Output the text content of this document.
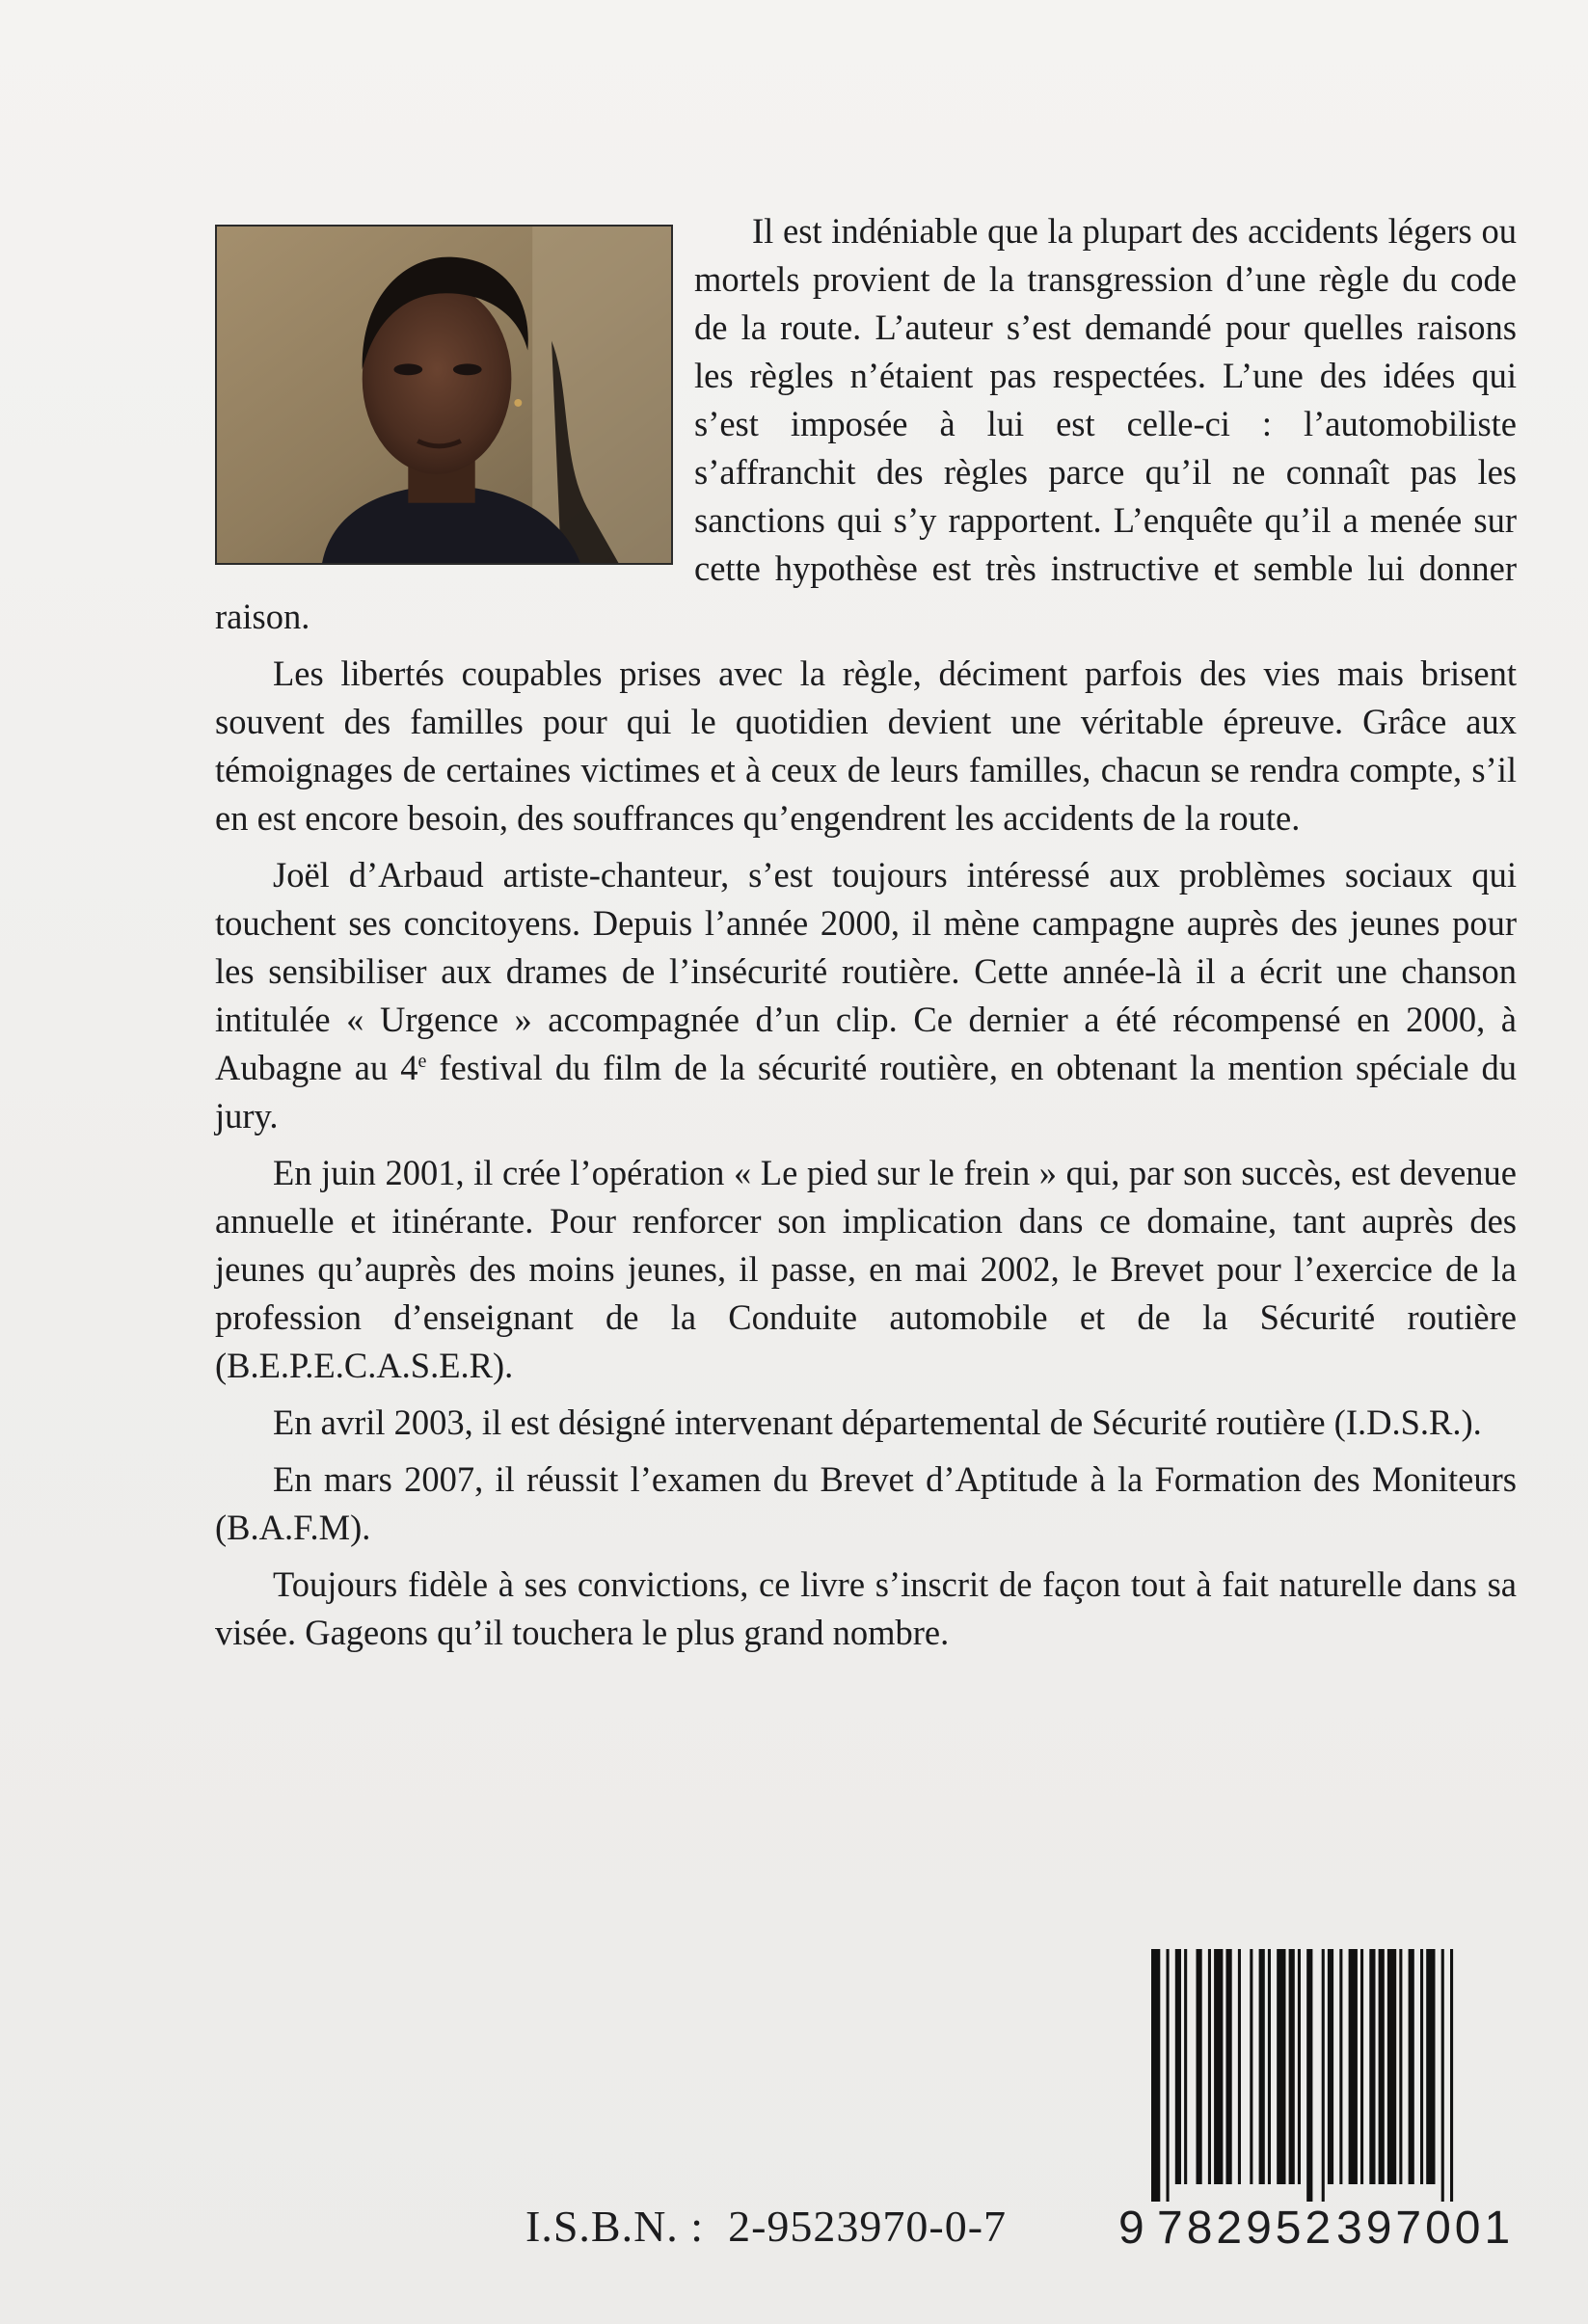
Il est indéniable que la plupart des accidents légers ou mortels provient de la transgression d’une règle du code de la route. L’auteur s’est demandé pour quelles raisons les règles n’étaient pas respectées. L’une des idées qui s’est imposée à lui est celle-ci : l’automobiliste s’affranchit des règles parce qu’il ne connaît pas les sanctions qui s’y rapportent. L’enquête qu’il a menée sur cette hypothèse est très instructive et semble lui donner raison.

Les libertés coupables prises avec la règle, déciment parfois des vies mais brisent souvent des familles pour qui le quotidien devient une véritable épreuve. Grâce aux témoignages de certaines victimes et à ceux de leurs familles, chacun se rendra compte, s’il en est encore besoin, des souffrances qu’engendrent les accidents de la route.

Joël d’Arbaud artiste-chanteur, s’est toujours intéressé aux problèmes sociaux qui touchent ses concitoyens. Depuis l’année 2000, il mène campagne auprès des jeunes pour les sensibiliser aux drames de l’insécurité routière. Cette année-là il a écrit une chanson intitulée « Urgence » accompagnée d’un clip. Ce dernier a été récompensé en 2000, à Aubagne au 4e festival du film de la sécurité routière, en obtenant la mention spéciale du jury.

En juin 2001, il crée l’opération « Le pied sur le frein » qui, par son succès, est devenue annuelle et itinérante. Pour renforcer son implication dans ce domaine, tant auprès des jeunes qu’auprès des moins jeunes, il passe, en mai 2002, le Brevet pour l’exercice de la profession d’enseignant de la Conduite automobile et de la Sécurité routière (B.E.P.E.C.A.S.E.R).

En avril 2003, il est désigné intervenant départemental de Sécurité routière (I.D.S.R.).

En mars 2007, il réussit l’examen du Brevet d’Aptitude à la Formation des Moniteurs (B.A.F.M).

Toujours fidèle à ses convictions, ce livre s’inscrit de façon tout à fait naturelle dans sa visée. Gageons qu’il touchera le plus grand nombre.

I.S.B.N. :  2-9523970-0-7 9 782952 397001
